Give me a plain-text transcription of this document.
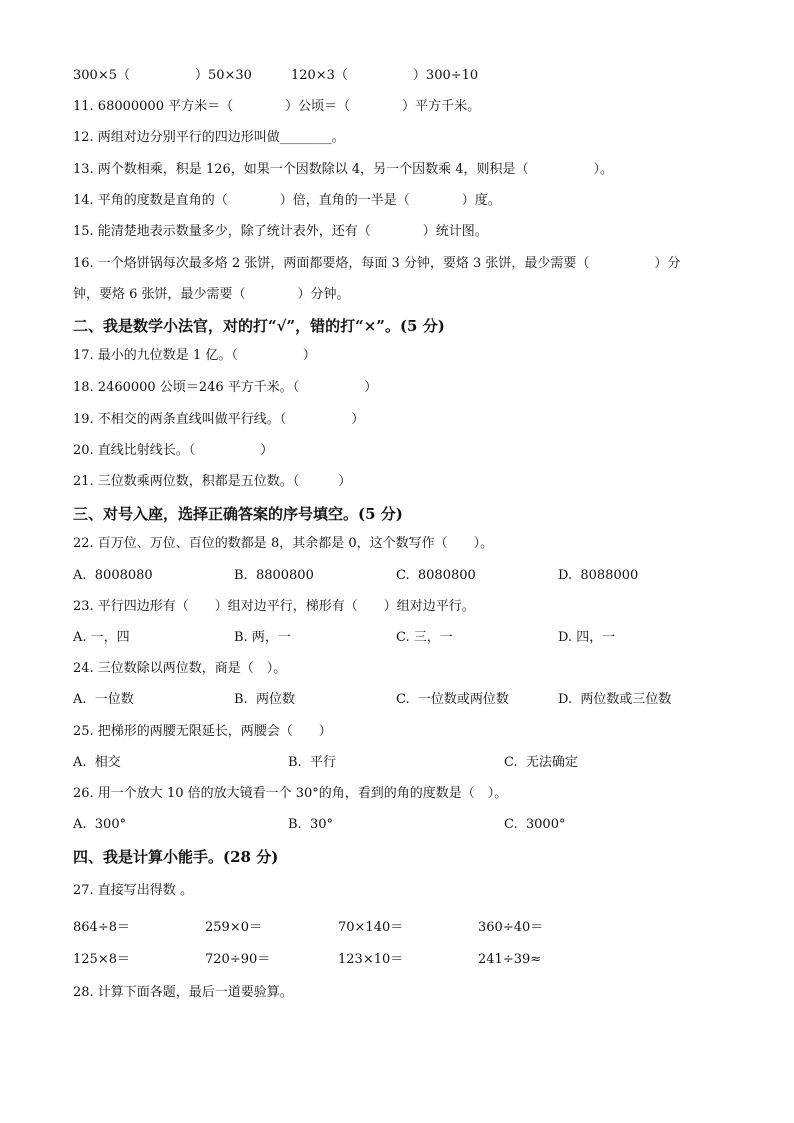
300×5（　　　　　）50×30　　　120×3（　　　　　）300÷10
11. 68000000 平方米＝（　　　　）公顷＝（　　　　）平方千米。
12. 两组对边分别平行的四边形叫做________。
13. 两个数相乘，积是 126，如果一个因数除以 4，另一个因数乘 4，则积是（　　　　　）。
14. 平角的度数是直角的（　　　　）倍，直角的一半是（　　　　）度。
15. 能清楚地表示数量多少，除了统计表外，还有（　　　　）统计图。
16. 一个烙饼锅每次最多烙 2 张饼，两面都要烙，每面 3 分钟，要烙 3 张饼，最少需要（　　　　　）分
钟，要烙 6 张饼，最少需要（　　　　）分钟。
二、我是数学小法官，对的打“√”，错的打“×”。(5 分)
17. 最小的九位数是 1 亿。（　　　　　）
18. 2460000 公顷＝246 平方千米。（　　　　　）
19. 不相交的两条直线叫做平行线。（　　　　　）
20. 直线比射线长。（　　　　　）
21. 三位数乘两位数，积都是五位数。（　　　）
三、对号入座，选择正确答案的序号填空。(5 分)
22. 百万位、万位、百位的数都是 8，其余都是 0，这个数写作（　　）。
A.  8008080	B.  8800800	C.  8080800	D.  8088000
23. 平行四边形有（　　）组对边平行，梯形有（　　）组对边平行。
A. 一，四	B. 两，一	C. 三，一	D. 四，一
24. 三位数除以两位数，商是（　）。
A.  一位数	B.  两位数	C.  一位数或两位数	D.  两位数或三位数
25. 把梯形的两腰无限延长，两腰会（　　）
A.  相交	B.  平行	C.  无法确定
26. 用一个放大 10 倍的放大镜看一个 30°的角，看到的角的度数是（　）。
A.  300°	B.  30°	C.  3000°
四、我是计算小能手。(28 分)
27. 直接写出得数 。
864÷8＝	259×0＝	70×140＝	360÷40＝
125×8＝	720÷90＝	123×10＝	241÷39≈
28. 计算下面各题，最后一道要验算。
